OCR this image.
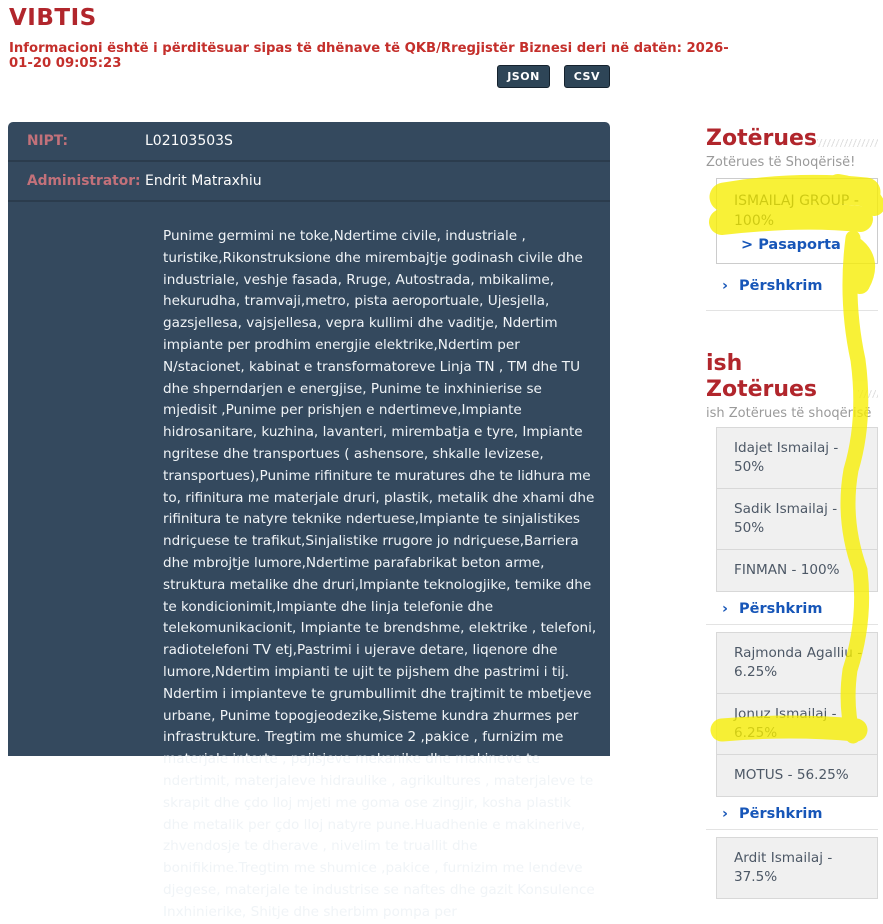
VIBTIS
Informacioni është i përditësuar sipas të dhënave të QKB/Rregjistër Biznesi deri në datën: 2026-01-20 09:05:23
JSON	CSV
NIPT:	L02103503S
Administrator: Endrit Matraxhiu
Punime germimi ne toke,Ndertime civile, industriale , turistike,Rikonstruksione dhe mirembajtje godinash civile dhe industriale, veshje fasada, Rruge, Autostrada, mbikalime, hekurudha, tramvaji,metro, pista aeroportuale, Ujesjella, gazsjellesa, vajsjellesa, vepra kullimi dhe vaditje, Ndertim impiante per prodhim energjie elektrike,Ndertim per N/stacionet, kabinat e transformatoreve Linja TN , TM dhe TU dhe shperndarjen e energjise, Punime te inxhinierise se mjedisit ,Punime per prishjen e ndertimeve,Impiante hidrosanitare, kuzhina, lavanteri, mirembatja e tyre, Impiante ngritese dhe transportues ( ashensore, shkalle levizese, transportues),Punime rifiniture te muratures dhe te lidhura me to, rifinitura me materjale druri, plastik, metalik dhe xhami dhe rifinitura te natyre teknike ndertuese,Impiante te sinjalistikes ndriçuese te trafikut,Sinjalistike rrugore jo ndriçuese,Barriera dhe mbrojtje lumore,Ndertime parafabrikat beton arme, struktura metalike dhe druri,Impiante teknologjike, temike dhe te kondicionimit,Impiante dhe linja telefonie dhe telekomunikacionit, Impiante te brendshme, elektrike , telefoni, radiotelefoni TV etj,Pastrimi i ujerave detare, liqenore dhe lumore,Ndertim impianti te ujit te pijshem dhe pastrimi i tij. Ndertim i impianteve te grumbullimit dhe trajtimit te mbetjeve urbane, Punime topogjeodezike,Sisteme kundra zhurmes per infrastrukture. Tregtim me shumice 2 ,pakice , furnizim me materjale interte , pajisjeve mekanike dhe makineve te ndertimit, materjaleve hidraulike , agrikultures , materjaleve te skrapit dhe çdo lloj mjeti me goma ose zingjir, kosha plastik dhe metalik per çdo lloj natyre pune.Huadhenie e makinerive, zhvendosje te dherave , nivelim te truallit dhe bonifikime.Tregtim me shumice ,pakice , furnizim me lendeve djegese, materjale te industrise se naftes dhe gazit Konsulence Inxhinierike, Shitje dhe sherbim pompa per
Zotërues
Zotërues të Shoqërisë!
ISMAILAJ GROUP - 100%
> Pasaporta
› Përshkrim
ish Zotërues
ish Zotërues të shoqërisë
Idajet Ismailaj - 50%
Sadik Ismailaj - 50%
FINMAN - 100%
› Përshkrim
Rajmonda Agalliu - 6.25%
Jonuz Ismailaj - 6.25%
MOTUS - 56.25%
› Përshkrim
Ardit Ismailaj - 37.5%
